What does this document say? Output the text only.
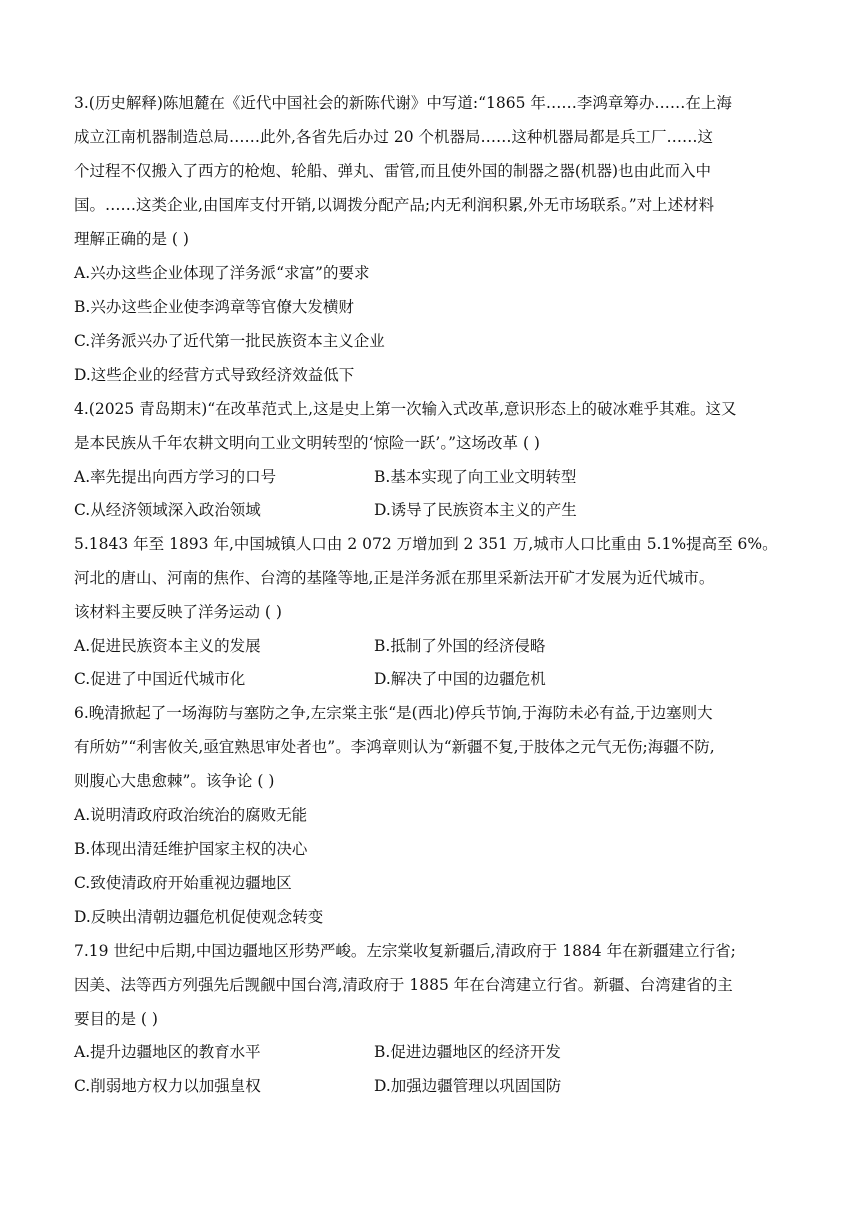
3.(历史解释)陈旭麓在《近代中国社会的新陈代谢》中写道:“1865 年……李鸿章筹办……在上海
成立江南机器制造总局……此外,各省先后办过 20 个机器局……这种机器局都是兵工厂……这
个过程不仅搬入了西方的枪炮、轮船、弹丸、雷管,而且使外国的制器之器(机器)也由此而入中
国。……这类企业,由国库支付开销,以调拨分配产品;内无利润积累,外无市场联系。”对上述材料
理解正确的是 ( )
A.兴办这些企业体现了洋务派“求富”的要求
B.兴办这些企业使李鸿章等官僚大发横财
C.洋务派兴办了近代第一批民族资本主义企业
D.这些企业的经营方式导致经济效益低下
4.(2025 青岛期末)“在改革范式上,这是史上第一次输入式改革,意识形态上的破冰难乎其难。这又
是本民族从千年农耕文明向工业文明转型的‘惊险一跃’。”这场改革 ( )
A.率先提出向西方学习的口号	B.基本实现了向工业文明转型
C.从经济领域深入政治领域	D.诱导了民族资本主义的产生
5.1843 年至 1893 年,中国城镇人口由 2 072 万增加到 2 351 万,城市人口比重由 5.1%提高至 6%。
河北的唐山、河南的焦作、台湾的基隆等地,正是洋务派在那里采新法开矿才发展为近代城市。
该材料主要反映了洋务运动 ( )
A.促进民族资本主义的发展	B.抵制了外国的经济侵略
C.促进了中国近代城市化	D.解决了中国的边疆危机
6.晚清掀起了一场海防与塞防之争,左宗棠主张“是(西北)停兵节饷,于海防未必有益,于边塞则大
有所妨”“利害攸关,亟宜熟思审处者也”。李鸿章则认为“新疆不复,于肢体之元气无伤;海疆不防,
则腹心大患愈棘”。该争论 ( )
A.说明清政府政治统治的腐败无能
B.体现出清廷维护国家主权的决心
C.致使清政府开始重视边疆地区
D.反映出清朝边疆危机促使观念转变
7.19 世纪中后期,中国边疆地区形势严峻。左宗棠收复新疆后,清政府于 1884 年在新疆建立行省;
因美、法等西方列强先后觊觎中国台湾,清政府于 1885 年在台湾建立行省。新疆、台湾建省的主
要目的是 ( )
A.提升边疆地区的教育水平	B.促进边疆地区的经济开发
C.削弱地方权力以加强皇权	D.加强边疆管理以巩固国防
